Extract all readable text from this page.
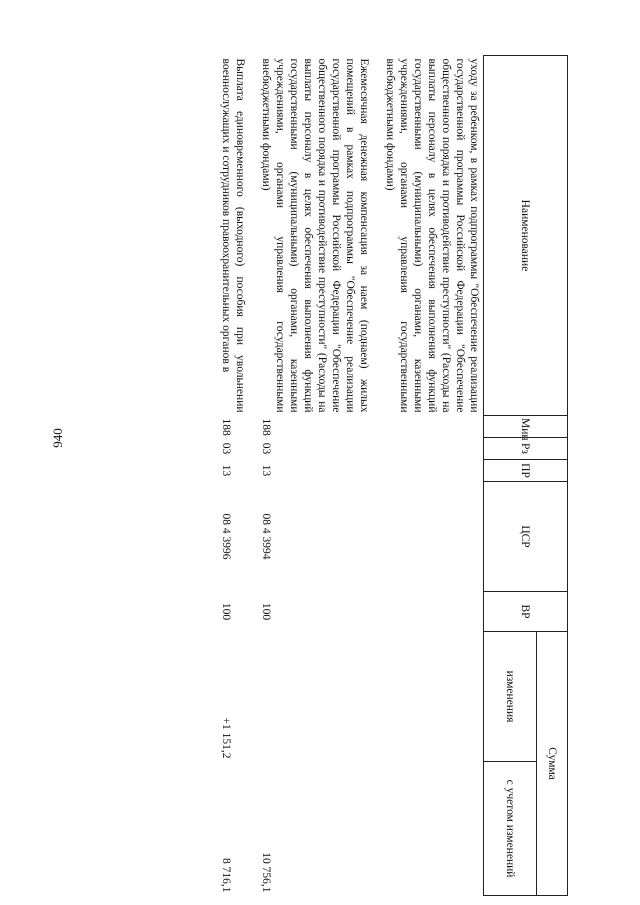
940
Наименование	Мин	Рз	ПР	ЦСР	ВР	Сумма	
						изменения	с учетом изменений
уходу за ребенком, в рамках подпрограммы "Обеспечение реализации государственной программы Российской Федерации "Обеспечение общественного порядка и противодействие преступности" (Расходы на выплаты персоналу в целях обеспечения выполнения функций государственными (муниципальными) органами, казенными учреждениями, органами управления государственными внебюджетными фондами)							

Ежемесячная денежная компенсация за наем (поднаем) жилых помещений в рамках подпрограммы "Обеспечение реализации государственной программы Российской Федерации "Обеспечение общественного порядка и противодействие преступности" (Расходы на выплаты персоналу в целях обеспечения выполнения функций государственными (муниципальными) органами, казенными учреждениями, органами управления государственными внебюджетными фондами)	188	03	13	08 4 3994	100		10 756,1

Выплата единовременного (выходного) пособия при увольнении военнослужащих и сотрудников правоохранительных органов в	188	03	13	08 4 3996	100	+1 151,2	8 716,1
